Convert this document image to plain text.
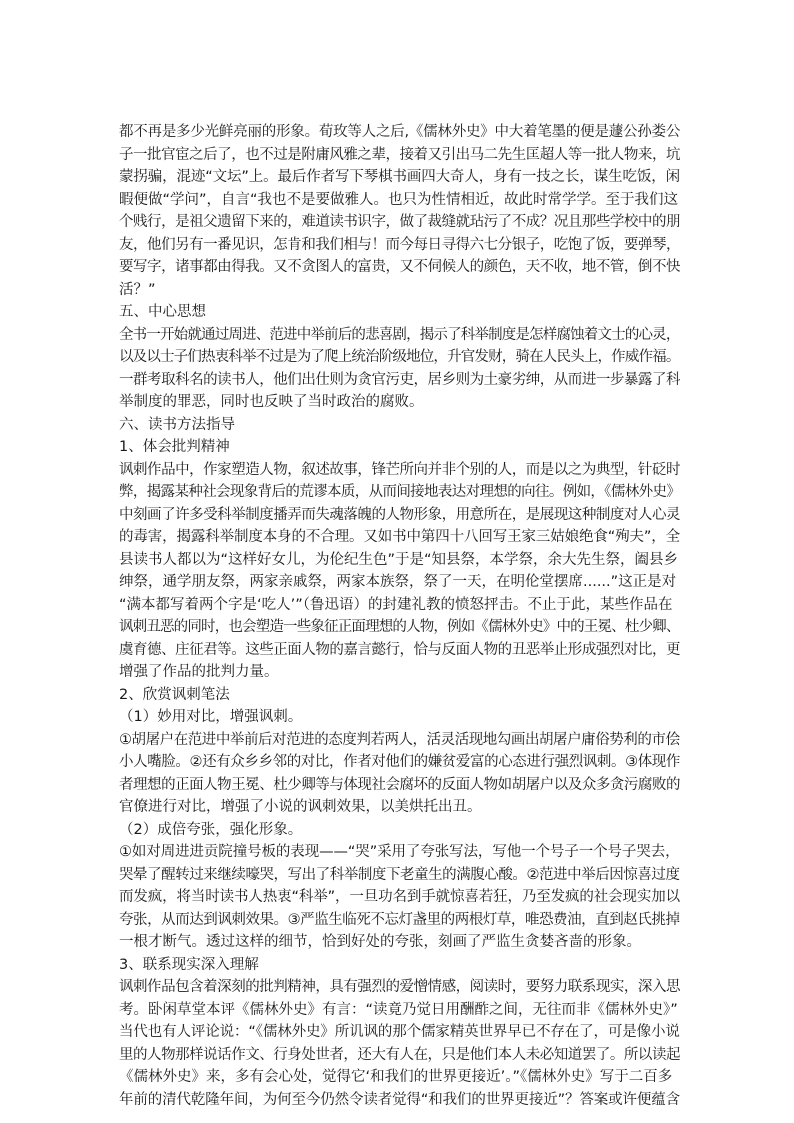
都不再是多少光鲜亮丽的形象。荀玫等人之后,《儒林外史》中大着笔墨的便是蘧公孙娄公
子一批官宦之后了，也不过是附庸风雅之辈，接着又引出马二先生匡超人等一批人物来，坑
蒙拐骗，混迹“文坛”上。最后作者写下琴棋书画四大奇人，身有一技之长，谋生吃饭，闲
暇便做“学问”，自言“我也不是要做雅人。也只为性情相近，故此时常学学。至于我们这
个贱行，是祖父遗留下来的，难道读书识字，做了裁缝就玷污了不成？况且那些学校中的朋
友，他们另有一番见识，怎肯和我们相与！而今每日寻得六七分银子，吃饱了饭，要弹琴，
要写字，诸事都由得我。又不贪图人的富贵，又不伺候人的颜色，天不收，地不管，倒不快
活？”
五、中心思想
全书一开始就通过周进、范进中举前后的悲喜剧，揭示了科举制度是怎样腐蚀着文士的心灵，
以及以士子们热衷科举不过是为了爬上统治阶级地位，升官发财，骑在人民头上，作威作福。
一群考取科名的读书人，他们出仕则为贪官污吏，居乡则为土豪劣绅，从而进一步暴露了科
举制度的罪恶，同时也反映了当时政治的腐败。
六、读书方法指导
1、体会批判精神
讽刺作品中，作家塑造人物，叙述故事，锋芒所向并非个别的人，而是以之为典型，针砭时
弊，揭露某种社会现象背后的荒谬本质，从而间接地表达对理想的向往。例如，《儒林外史》
中刻画了许多受科举制度播弄而失魂落魄的人物形象，用意所在，是展现这种制度对人心灵
的毒害，揭露科举制度本身的不合理。又如书中第四十八回写王家三姑娘绝食“殉夫”，全
县读书人都以为“这样好女儿，为伦纪生色”于是“知县祭，本学祭，余大先生祭，阖县乡
绅祭，通学朋友祭，两家亲戚祭，两家本族祭，祭了一天，在明伦堂摆席......”这正是对
“满本都写着两个字是‘吃人’”（鲁迅语）的封建礼教的愤怒抨击。不止于此，某些作品在
讽刺丑恶的同时，也会塑造一些象征正面理想的人物，例如《儒林外史》中的王冕、杜少卿、
虞育德、庄征君等。这些正面人物的嘉言懿行，恰与反面人物的丑恶举止形成强烈对比，更
增强了作品的批判力量。
2、欣赏讽刺笔法
（1）妙用对比，增强讽刺。
①胡屠户在范进中举前后对范进的态度判若两人，活灵活现地勾画出胡屠户庸俗势利的市侩
小人嘴脸。②还有众乡乡邻的对比，作者对他们的嫌贫爱富的心态进行强烈讽刺。③体现作
者理想的正面人物王冕、杜少卿等与体现社会腐坏的反面人物如胡屠户以及众多贪污腐败的
官僚进行对比，增强了小说的讽刺效果，以美烘托出丑。
（2）成倍夸张，强化形象。
①如对周进进贡院撞号板的表现——“哭”采用了夸张写法，写他一个号子一个号子哭去，
哭晕了醒转过来继续嚎哭，写出了科举制度下老童生的满腹心酸。②范进中举后因惊喜过度
而发疯，将当时读书人热衷“科举”，一旦功名到手就惊喜若狂，乃至发疯的社会现实加以
夸张，从而达到讽刺效果。③严监生临死不忘灯盏里的两根灯草，唯恐费油，直到赵氏挑掉
一根才断气。透过这样的细节，恰到好处的夸张，刻画了严监生贪婪吝啬的形象。
3、联系现实深入理解
讽刺作品包含着深刻的批判精神，具有强烈的爱憎情感，阅读时，要努力联系现实，深入思
考。卧闲草堂本评《儒林外史》有言：“读竟乃觉日用酬酢之间，无往而非《儒林外史》”
当代也有人评论说：“《儒林外史》所讥讽的那个儒家精英世界早已不存在了，可是像小说
里的人物那样说话作文、行身处世者，还大有人在，只是他们本人未必知道罢了。所以读起
《儒林外史》来，多有会心处，觉得它‘和我们的世界更接近’。”《儒林外史》写于二百多
年前的清代乾隆年间，为何至今仍然令读者觉得“和我们的世界更接近”？答案或许便蕴含
